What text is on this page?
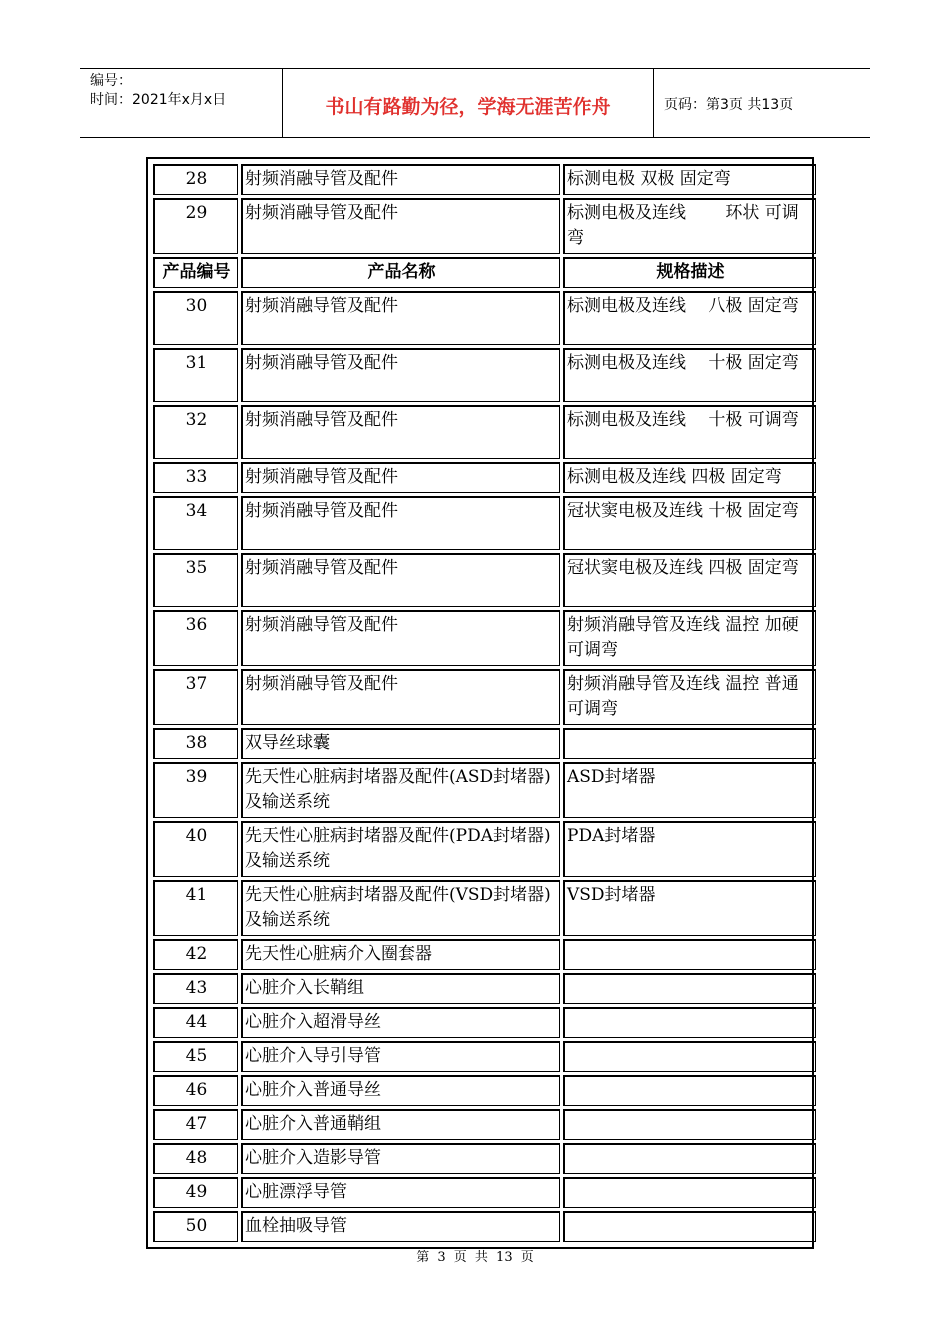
编号：
时间：2021年x月x日	书山有路勤为径，学海无涯苦作舟	页码：第3页 共13页
28	射频消融导管及配件	标测电极 双极 固定弯
29	射频消融导管及配件	标测电极及连线　　 环状 可调弯
产品编号	产品名称	规格描述
30	射频消融导管及配件	标测电极及连线　 八极 固定弯
31	射频消融导管及配件	标测电极及连线　 十极 固定弯
32	射频消融导管及配件	标测电极及连线　 十极 可调弯
33	射频消融导管及配件	标测电极及连线 四极 固定弯
34	射频消融导管及配件	冠状窦电极及连线 十极 固定弯
35	射频消融导管及配件	冠状窦电极及连线 四极 固定弯
36	射频消融导管及配件	射频消融导管及连线 温控 加硬 可调弯
37	射频消融导管及配件	射频消融导管及连线 温控 普通 可调弯
38	双导丝球囊	
39	先天性心脏病封堵器及配件(ASD封堵器)及输送系统	ASD封堵器
40	先天性心脏病封堵器及配件(PDA封堵器)及输送系统	PDA封堵器
41	先天性心脏病封堵器及配件(VSD封堵器)及输送系统	VSD封堵器
42	先天性心脏病介入圈套器	
43	心脏介入长鞘组	
44	心脏介入超滑导丝	
45	心脏介入导引导管	
46	心脏介入普通导丝	
47	心脏介入普通鞘组	
48	心脏介入造影导管	
49	心脏漂浮导管	
50	血栓抽吸导管	
第 3 页 共 13 页
